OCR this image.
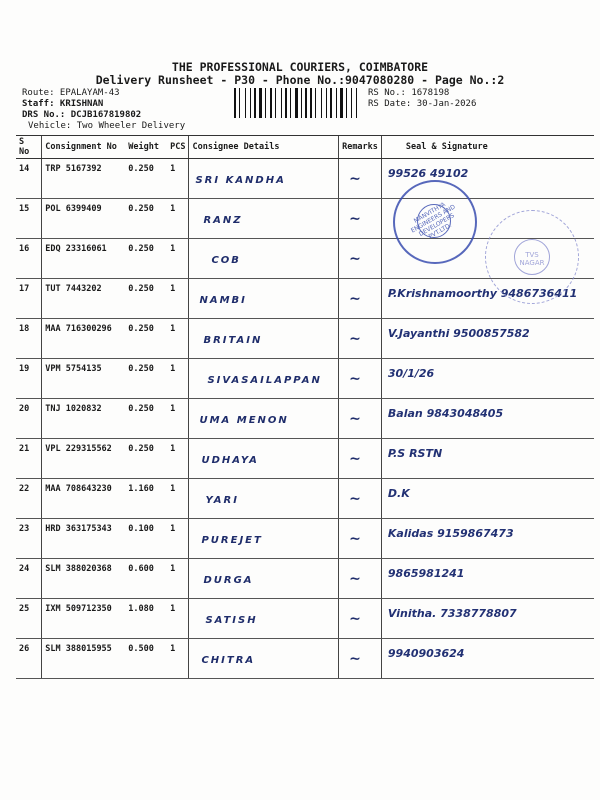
THE PROFESSIONAL COURIERS, COIMBATORE
Delivery Runsheet - P30 - Phone No.:9047080280 - Page No.:2
Route: EPALAYAM-43
Staff: KRISHNAN
DRS No.: DCJB167819802
Vehicle: Two Wheeler Delivery
RS No.: 1678198
RS Date: 30-Jan-2026
S No	Consignment No	Weight	PCS	Consignee Details	Remarks	Seal & Signature
14	TRP 5167392	0.250	1	SRI KANDHA	∼	99526 49102

15	POL 6399409	0.250	1	RANZ	∼	

16	EDQ 23316061	0.250	1	COB	∼	

17	TUT 7443202	0.250	1	NAMBI	∼	P.Krishnamoorthy 9486736411

18	MAA 716300296	0.250	1	BRITAIN	∼	V.Jayanthi 9500857582

19	VPM 5754135	0.250	1	SIVASAILAPPAN	∼	30/1/26

20	TNJ 1020832	0.250	1	UMA MENON	∼	Balan 9843048405

21	VPL 229315562	0.250	1	UDHAYA	∼	P.S RSTN

22	MAA 708643230	1.160	1	YARI	∼	D.K

23	HRD 363175343	0.100	1	PUREJET	∼	Kalidas 9159867473

24	SLM 388020368	0.600	1	DURGA	∼	9865981241

25	IXM 509712350	1.080	1	SATISH	∼	Vinitha. 7338778807

26	SLM 388015955	0.500	1	CHITRA	∼	9940903624
MANVITHYA ENGINEERS AND DEVELOPERS PVT.LTD.
TVS NAGAR
